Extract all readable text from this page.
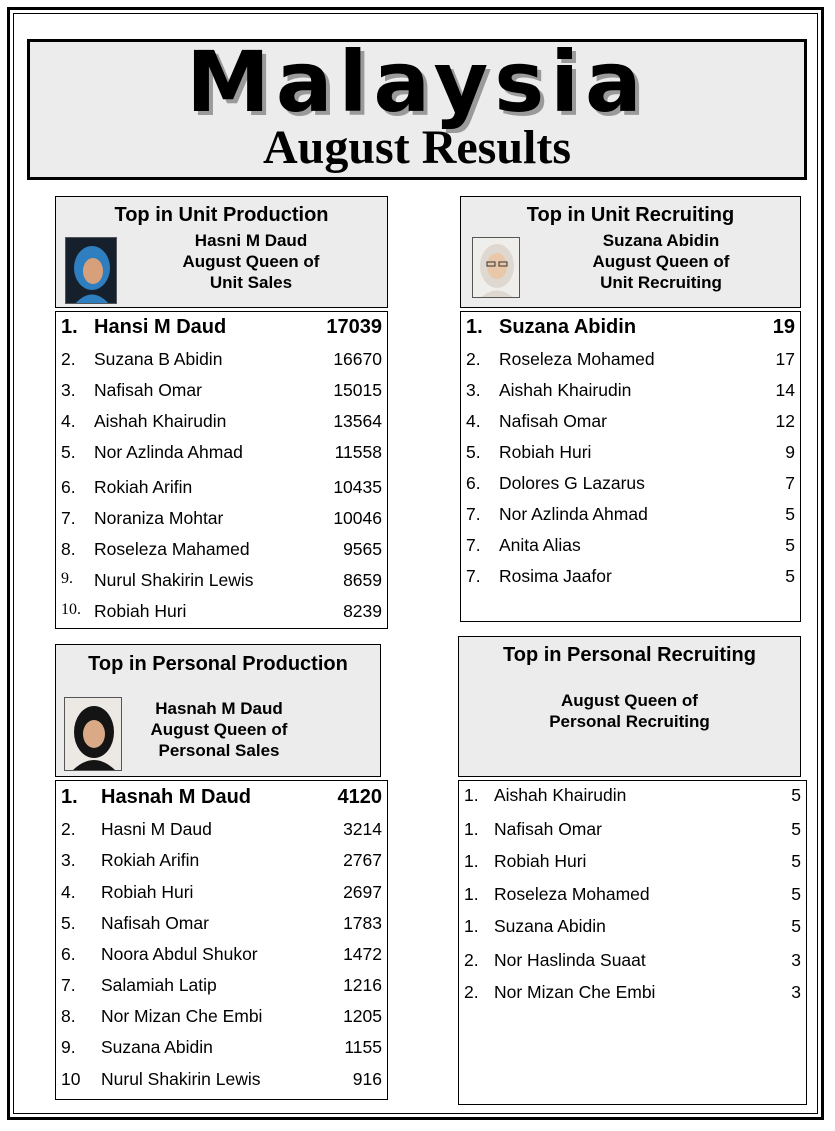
Malaysia
August Results
Top in Unit Production
Hasni M Daud
August Queen of
Unit Sales
1. Hansi M Daud	17039
2. Suzana B Abidin	16670
3. Nafisah Omar	15015
4. Aishah Khairudin	13564
5. Nor Azlinda Ahmad	11558
6. Rokiah Arifin	10435
7. Noraniza Mohtar	10046
8. Roseleza Mahamed	9565
9. Nurul Shakirin Lewis	8659
10. Robiah Huri	8239
Top in Unit Recruiting
Suzana Abidin
August Queen of
Unit Recruiting
1. Suzana Abidin	19
2. Roseleza Mohamed	17
3. Aishah Khairudin	14
4. Nafisah Omar	12
5. Robiah Huri	9
6. Dolores G Lazarus	7
7. Nor Azlinda Ahmad	5
7. Anita Alias	5
7. Rosima Jaafor	5
Top in Personal Production
Hasnah M Daud
August Queen of
Personal Sales
1. Hasnah M Daud	4120
2. Hasni M Daud	3214
3. Rokiah Arifin	2767
4. Robiah Huri	2697
5. Nafisah Omar	1783
6. Noora Abdul Shukor	1472
7. Salamiah Latip	1216
8. Nor Mizan Che Embi	1205
9. Suzana Abidin	1155
10 Nurul Shakirin Lewis	916
Top in Personal Recruiting
August Queen of
Personal Recruiting
1. Aishah Khairudin	5
1. Nafisah Omar	5
1. Robiah Huri	5
1. Roseleza Mohamed	5
1. Suzana Abidin	5
2. Nor Haslinda Suaat	3
2. Nor Mizan Che Embi	3
